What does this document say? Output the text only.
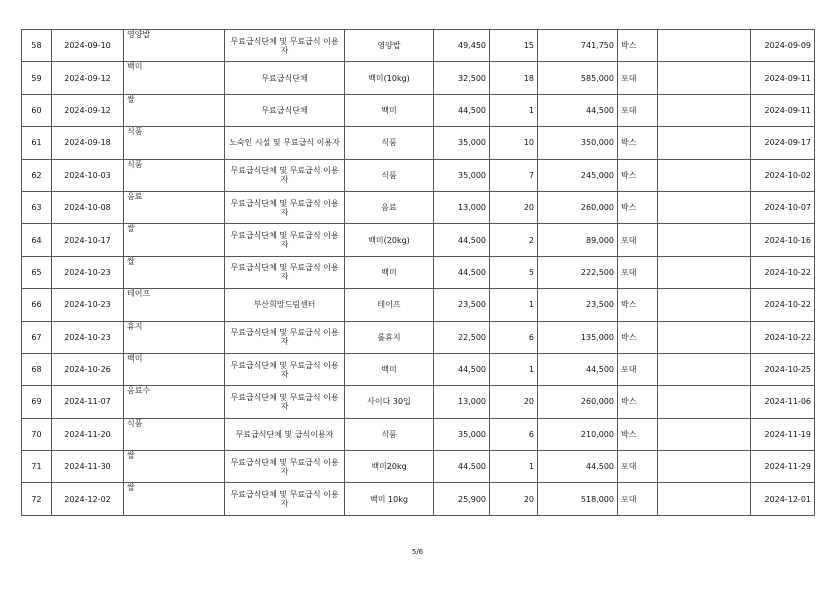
58	2024-09-10	영양밥	무료급식단체 및 무료급식 이용자	영양밥	49,450	15	741,750	박스		2024-09-09
59	2024-09-12	백미	무료급식단체	백미(10kg)	32,500	18	585,000	포대		2024-09-11
60	2024-09-12	쌀	무료급식단체	백미	44,500	1	44,500	포대		2024-09-11
61	2024-09-18	식품	노숙인 시설 및 무료급식 이용자	식품	35,000	10	350,000	박스		2024-09-17
62	2024-10-03	식품	무료급식단체 및 무료급식 이용자	식품	35,000	7	245,000	박스		2024-10-02
63	2024-10-08	음료	무료급식단체 및 무료급식 이용자	음료	13,000	20	260,000	박스		2024-10-07
64	2024-10-17	쌀	무료급식단체 및 무료급식 이용자	백미(20kg)	44,500	2	89,000	포대		2024-10-16
65	2024-10-23	쌀	무료급식단체 및 무료급식 이용자	백미	44,500	5	222,500	포대		2024-10-22
66	2024-10-23	테이프	부산희망드림센터	테이프	23,500	1	23,500	박스		2024-10-22
67	2024-10-23	휴지	무료급식단체 및 무료급식 이용자	롤휴지	22,500	6	135,000	박스		2024-10-22
68	2024-10-26	백미	무료급식단체 및 무료급식 이용자	백미	44,500	1	44,500	포대		2024-10-25
69	2024-11-07	음료수	무료급식단체 및 무료급식 이용자	사이다 30입	13,000	20	260,000	박스		2024-11-06
70	2024-11-20	식품	무료급식단체 및 급식이용자	식품	35,000	6	210,000	박스		2024-11-19
71	2024-11-30	쌀	무료급식단체 및 무료급식 이용자	백미20kg	44,500	1	44,500	포대		2024-11-29
72	2024-12-02	쌀	무료급식단체 및 무료급식 이용자	백미 10kg	25,900	20	518,000	포대		2024-12-01
5/6
